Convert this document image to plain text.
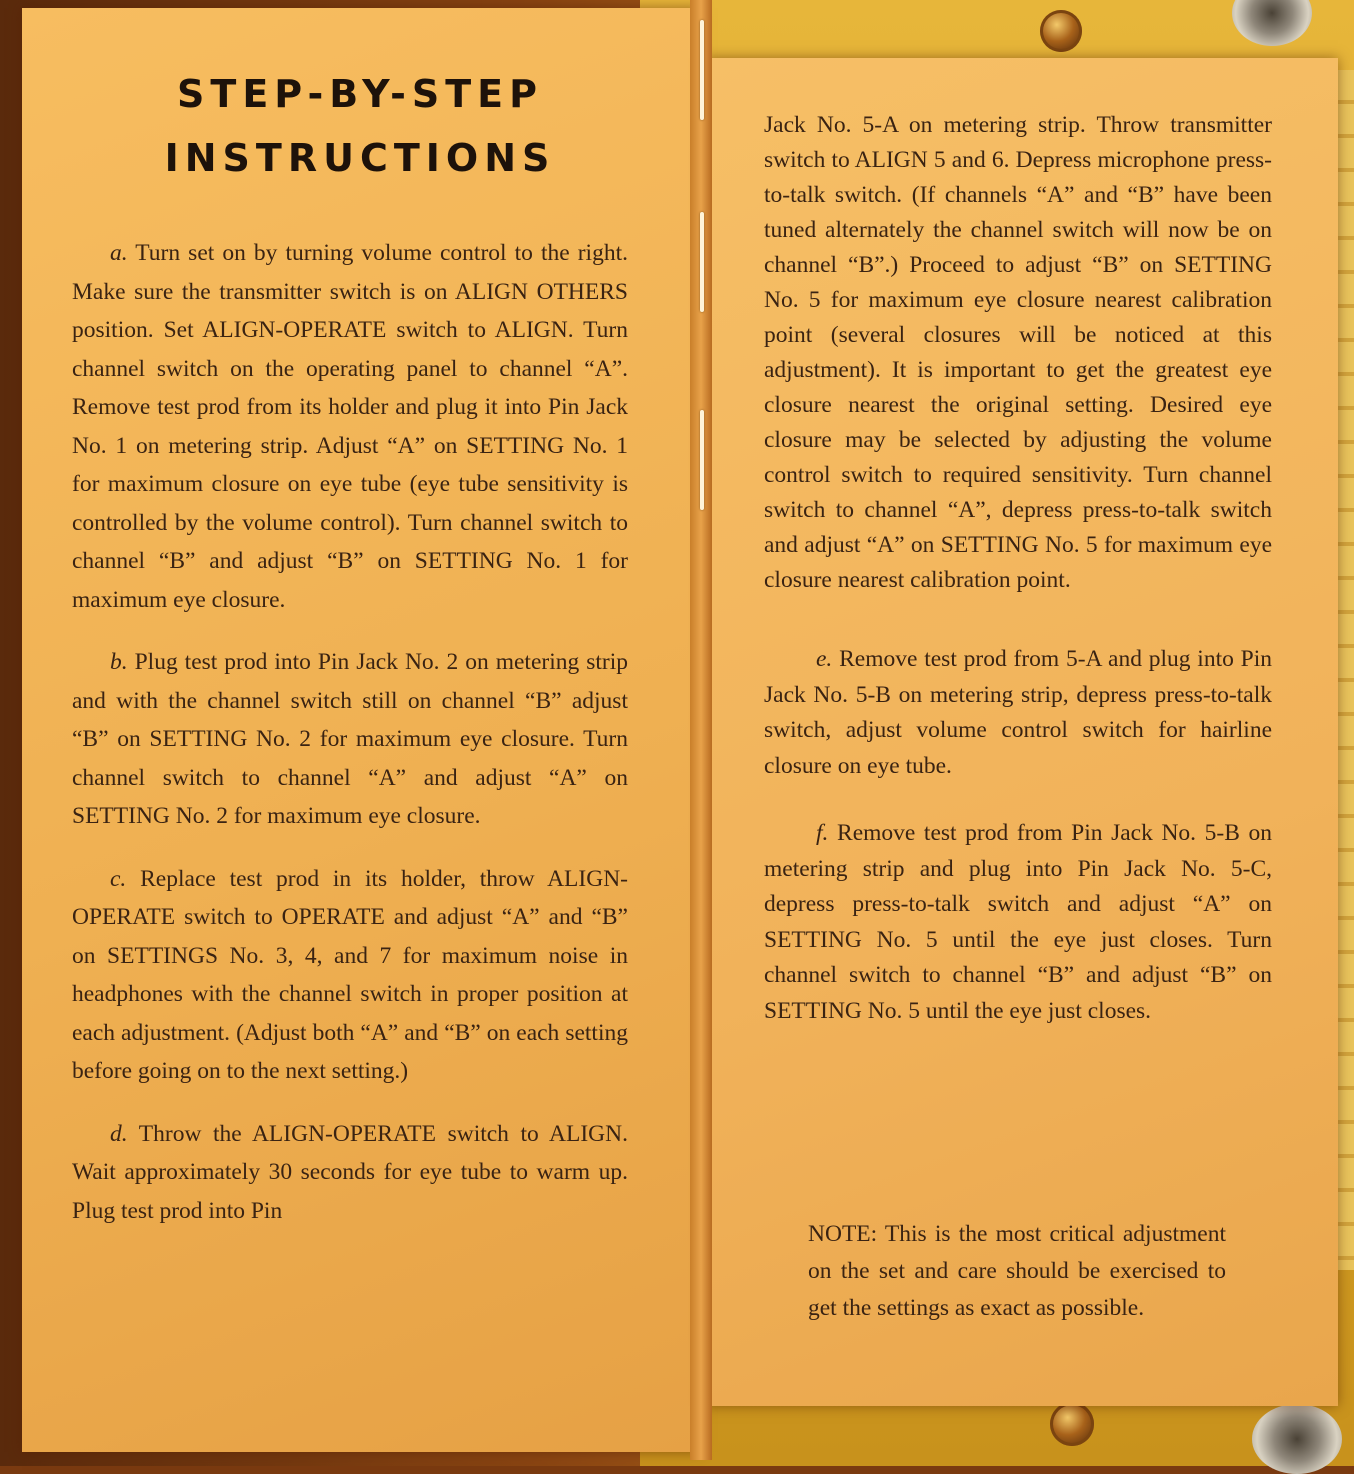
STEP-BY-STEP
INSTRUCTIONS

a. Turn set on by turning volume control to the right. Make sure the transmitter switch is on ALIGN OTHERS position. Set ALIGN-OPERATE switch to ALIGN. Turn channel switch on the operating panel to channel “A”. Remove test prod from its holder and plug it into Pin Jack No. 1 on metering strip. Adjust “A” on SETTING No. 1 for maximum closure on eye tube (eye tube sensitivity is controlled by the volume control). Turn channel switch to channel “B” and adjust “B” on SETTING No. 1 for maximum eye closure.

b. Plug test prod into Pin Jack No. 2 on metering strip and with the channel switch still on channel “B” adjust “B” on SETTING No. 2 for maximum eye closure. Turn channel switch to channel “A” and adjust “A” on SETTING No. 2 for maximum eye closure.

c. Replace test prod in its holder, throw ALIGN-OPERATE switch to OPERATE and adjust “A” and “B” on SETTINGS No. 3, 4, and 7 for maximum noise in headphones with the channel switch in proper position at each adjustment. (Adjust both “A” and “B” on each setting before going on to the next setting.)

d. Throw the ALIGN-OPERATE switch to ALIGN. Wait approximately 30 seconds for eye tube to warm up. Plug test prod into Pin

Jack No. 5-A on metering strip. Throw transmitter switch to ALIGN 5 and 6. Depress microphone press-to-talk switch. (If channels “A” and “B” have been tuned alternately the channel switch will now be on channel “B”.) Proceed to adjust “B” on SETTING No. 5 for maximum eye closure nearest calibration point (several closures will be noticed at this adjustment). It is important to get the greatest eye closure nearest the original setting. Desired eye closure may be selected by adjusting the volume control switch to required sensitivity. Turn channel switch to channel “A”, depress press-to-talk switch and adjust “A” on SETTING No. 5 for maximum eye closure nearest calibration point.

e. Remove test prod from 5-A and plug into Pin Jack No. 5-B on metering strip, depress press-to-talk switch, adjust volume control switch for hairline closure on eye tube.

f. Remove test prod from Pin Jack No. 5-B on metering strip and plug into Pin Jack No. 5-C, depress press-to-talk switch and adjust “A” on SETTING No. 5 until the eye just closes. Turn channel switch to channel “B” and adjust “B” on SETTING No. 5 until the eye just closes.

NOTE: This is the most critical adjustment on the set and care should be exercised to get the settings as exact as possible.
